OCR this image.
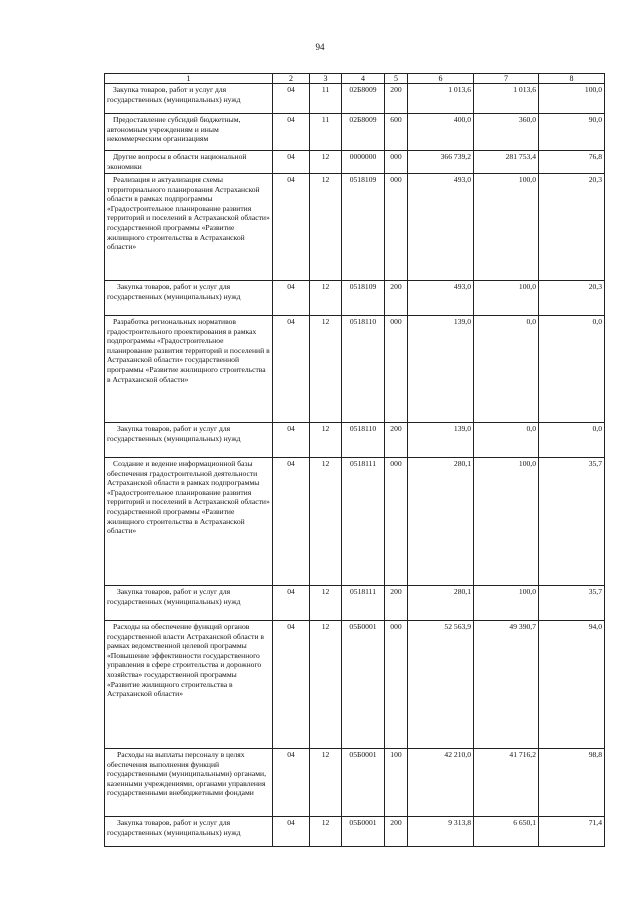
94
1	2	3	4	5	6	7	8
Закупка товаров, работ и услуг для государственных (муниципальных) нужд	04	11	02Б8009	200	1 013,6	1 013,6	100,0
Предоставление субсидий бюджетным, автономным учреждениям и иным некоммерческим организациям	04	11	02Б8009	600	400,0	360,0	90,0
Другие вопросы в области национальной экономики	04	12	0000000	000	366 739,2	281 753,4	76,8
Реализация и актуализация схемы территориального планирования Астраханской области в рамках подпрограммы «Градостроительное планирование развития территорий и поселений в Астраханской области» государственной программы «Развитие жилищного строительства в Астраханской области»	04	12	0518109	000	493,0	100,0	20,3
Закупка товаров, работ и услуг для государственных (муниципальных) нужд	04	12	0518109	200	493,0	100,0	20,3
Разработка региональных нормативов градостроительного проектирования в рамках подпрограммы «Градостроительное планирование развития территорий и поселений в Астраханской области» государственной программы «Развитие жилищного строительства в Астраханской области»	04	12	0518110	000	139,0	0,0	0,0
Закупка товаров, работ и услуг для государственных (муниципальных) нужд	04	12	0518110	200	139,0	0,0	0,0
Создание и ведение информационной базы обеспечения градостроительной деятельности Астраханской области в рамках подпрограммы «Градостроительное планирование развития территорий и поселений в Астраханской области» государственной программы «Развитие жилищного строительства в Астраханской области»	04	12	0518111	000	280,1	100,0	35,7
Закупка товаров, работ и услуг для государственных (муниципальных) нужд	04	12	0518111	200	280,1	100,0	35,7
Расходы на обеспечение функций органов государственной власти Астраханской области в рамках ведомственной целевой программы «Повышение эффективности государственного управления в сфере строительства и дорожного хозяйства» государственной программы «Развитие жилищного строительства в Астраханской области»	04	12	05Б0001	000	52 563,9	49 390,7	94,0
Расходы на выплаты персоналу в целях обеспечения выполнения функций государственными (муниципальными) органами, казенными учреждениями, органами управления государственными внебюджетными фондами	04	12	05Б0001	100	42 210,0	41 716,2	98,8
Закупка товаров, работ и услуг для государственных (муниципальных) нужд	04	12	05Б0001	200	9 313,8	6 650,1	71,4
